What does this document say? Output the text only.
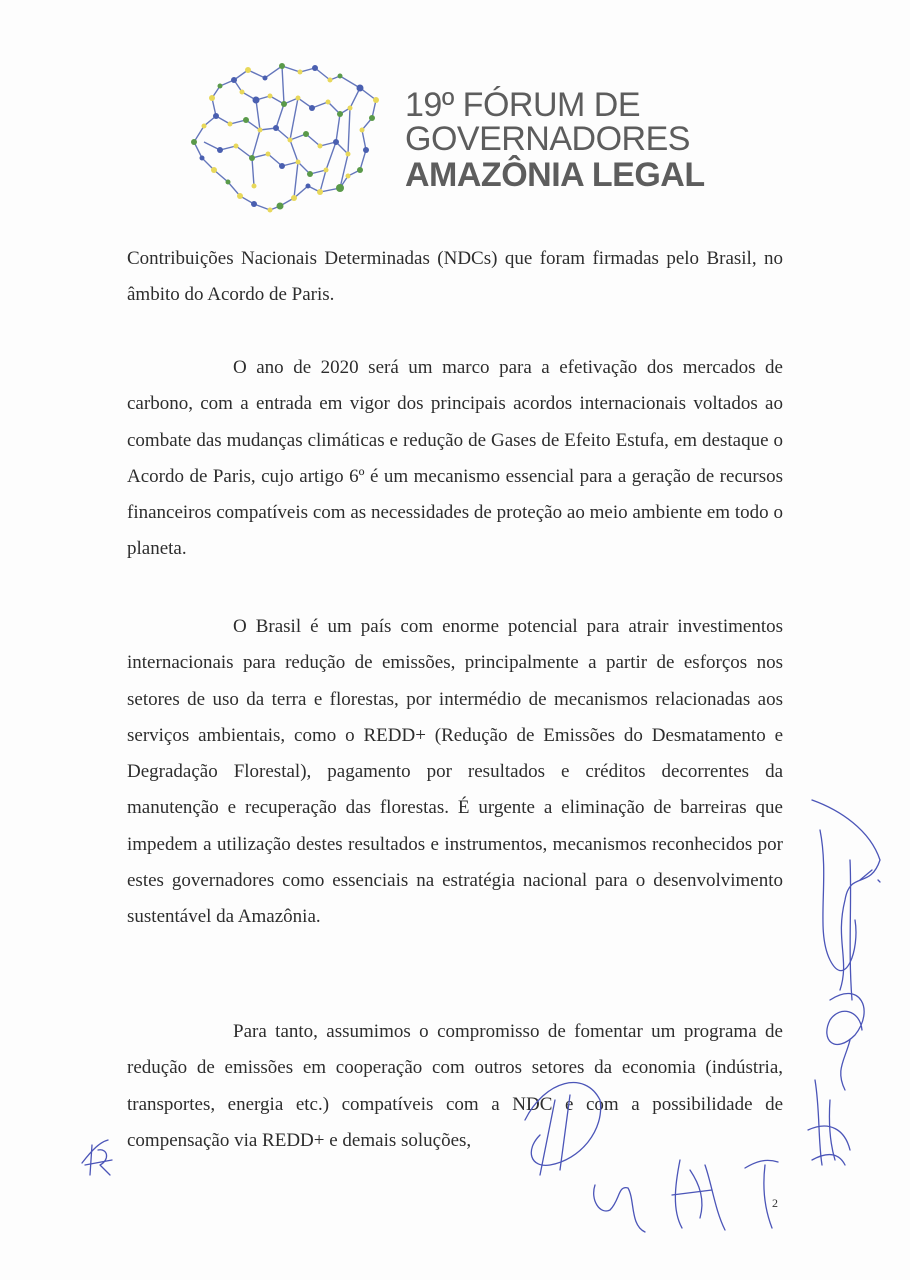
19º FÓRUM DE
GOVERNADORES
AMAZÔNIA LEGAL

Contribuições Nacionais Determinadas (NDCs) que foram firmadas pelo Brasil, no âmbito do Acordo de Paris.

O ano de 2020 será um marco para a efetivação dos mercados de carbono, com a entrada em vigor dos principais acordos internacionais voltados ao combate das mudanças climáticas e redução de Gases de Efeito Estufa, em destaque o Acordo de Paris, cujo artigo 6º é um mecanismo essencial para a geração de recursos financeiros compatíveis com as necessidades de proteção ao meio ambiente em todo o planeta.

O Brasil é um país com enorme potencial para atrair investimentos internacionais para redução de emissões, principalmente a partir de esforços nos setores de uso da terra e florestas, por intermédio de mecanismos relacionadas aos serviços ambientais, como o REDD+ (Redução de Emissões do Desmatamento e Degradação Florestal), pagamento por resultados e créditos decorrentes da manutenção e recuperação das florestas. É urgente a eliminação de barreiras que impedem a utilização destes resultados e instrumentos, mecanismos reconhecidos por estes governadores como essenciais na estratégia nacional para o desenvolvimento sustentável da Amazônia.

Para tanto, assumimos o compromisso de fomentar um programa de redução de emissões em cooperação com outros setores da economia (indústria, transportes, energia etc.) compatíveis com a NDC e com a possibilidade de compensação via REDD+ e demais soluções,

2
